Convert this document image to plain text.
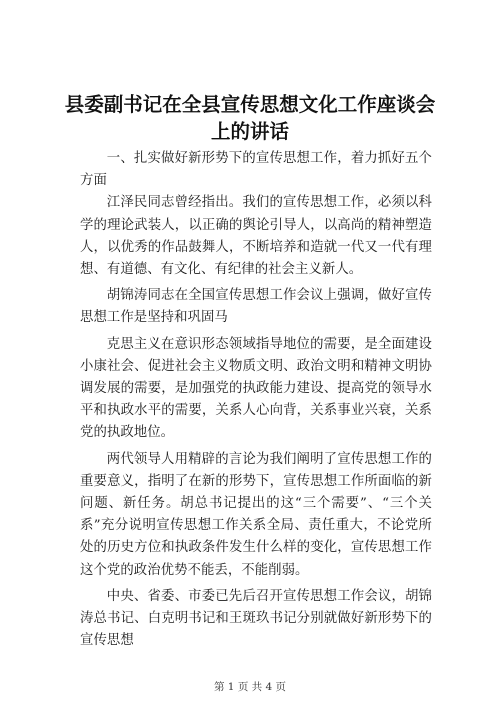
县委副书记在全县宣传思想文化工作座谈会上的讲话

一、扎实做好新形势下的宣传思想工作，着力抓好五个方面

江泽民同志曾经指出。我们的宣传思想工作，必须以科学的理论武装人，以正确的舆论引导人，以高尚的精神塑造人，以优秀的作品鼓舞人，不断培养和造就一代又一代有理想、有道德、有文化、有纪律的社会主义新人。

胡锦涛同志在全国宣传思想工作会议上强调，做好宣传思想工作是坚持和巩固马

克思主义在意识形态领域指导地位的需要，是全面建设小康社会、促进社会主义物质文明、政治文明和精神文明协调发展的需要，是加强党的执政能力建设、提高党的领导水平和执政水平的需要，关系人心向背，关系事业兴衰，关系党的执政地位。

两代领导人用精辟的言论为我们阐明了宣传思想工作的重要意义，指明了在新的形势下，宣传思想工作所面临的新问题、新任务。胡总书记提出的这“三个需要”、“三个关系”充分说明宣传思想工作关系全局、责任重大，不论党所处的历史方位和执政条件发生什么样的变化，宣传思想工作这个党的政治优势不能丢，不能削弱。

中央、省委、市委已先后召开宣传思想工作会议，胡锦涛总书记、白克明书记和王斑玖书记分别就做好新形势下的宣传思想

第 1 页 共 4 页
